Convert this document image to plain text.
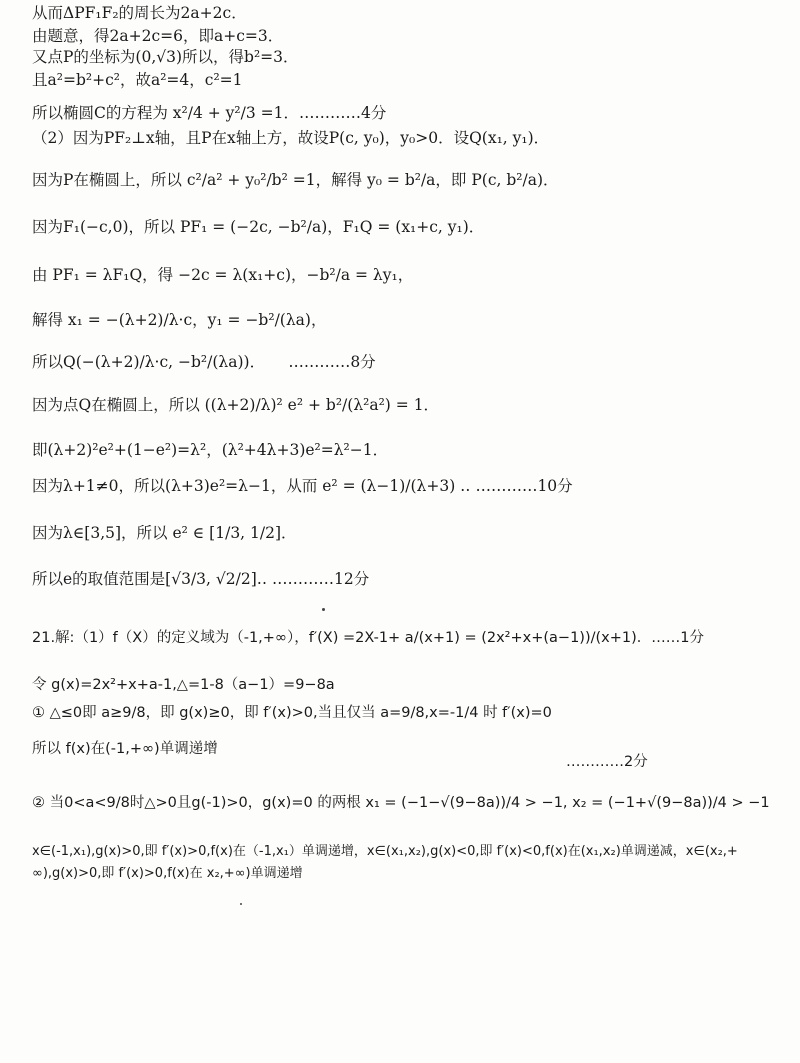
从而ΔPF₁F₂的周长为2a+2c．
由题意，得2a+2c=6，即a+c=3．
又点P的坐标为(0,√3)所以，得b²=3．
且a²=b²+c²，故a²=4，c²=1
所以椭圆C的方程为 x²/4 + y²/3 =1．…………4分
（2）因为PF₂⊥x轴，且P在x轴上方，故设P(c, y₀)，y₀>0．设Q(x₁, y₁)．
因为P在椭圆上，所以 c²/a² + y₀²/b² =1，解得 y₀ = b²/a，即 P(c, b²/a)．
因为F₁(−c,0)，所以 PF₁ = (−2c, −b²/a)，F₁Q = (x₁+c, y₁)．
由 PF₁ = λF₁Q，得 −2c = λ(x₁+c)，−b²/a = λy₁，
解得 x₁ = −(λ+2)/λ·c，y₁ = −b²/(λa)，
所以Q(−(λ+2)/λ·c, −b²/(λa))．　　…………8分
因为点Q在椭圆上，所以 ((λ+2)/λ)² e² + b²/(λ²a²) = 1．
即(λ+2)²e²+(1−e²)=λ²，(λ²+4λ+3)e²=λ²−1．
因为λ+1≠0，所以(λ+3)e²=λ−1，从而 e² = (λ−1)/(λ+3) ‥ …………10分
因为λ∈[3,5]，所以 e² ∈ [1/3, 1/2]．
所以e的取值范围是[√3/3, √2/2]‥ …………12分
21.解:（1）f（X）的定义域为（-1,+∞），f′(X) =2X-1+ a/(x+1) = (2x²+x+(a−1))/(x+1)．……1分
令 g(x)=2x²+x+a-1,△=1-8（a−1）=9−8a
① △≤0即 a≥9/8，即 g(x)≥0，即 f′(x)>0,当且仅当 a=9/8,x=-1/4 时 f′(x)=0
所以 f(x)在(-1,+∞)单调递增
…………2分
② 当0<a<9/8时△>0且g(-1)>0，g(x)=0 的两根 x₁ = (−1−√(9−8a))/4 > −1, x₂ = (−1+√(9−8a))/4 > −1
x∈(-1,x₁),g(x)>0,即 f′(x)>0,f(x)在（-1,x₁）单调递增，x∈(x₁,x₂),g(x)<0,即 f′(x)<0,f(x)在(x₁,x₂)单调递减，x∈(x₂,+
∞),g(x)>0,即 f′(x)>0,f(x)在 x₂,+∞)单调递增
